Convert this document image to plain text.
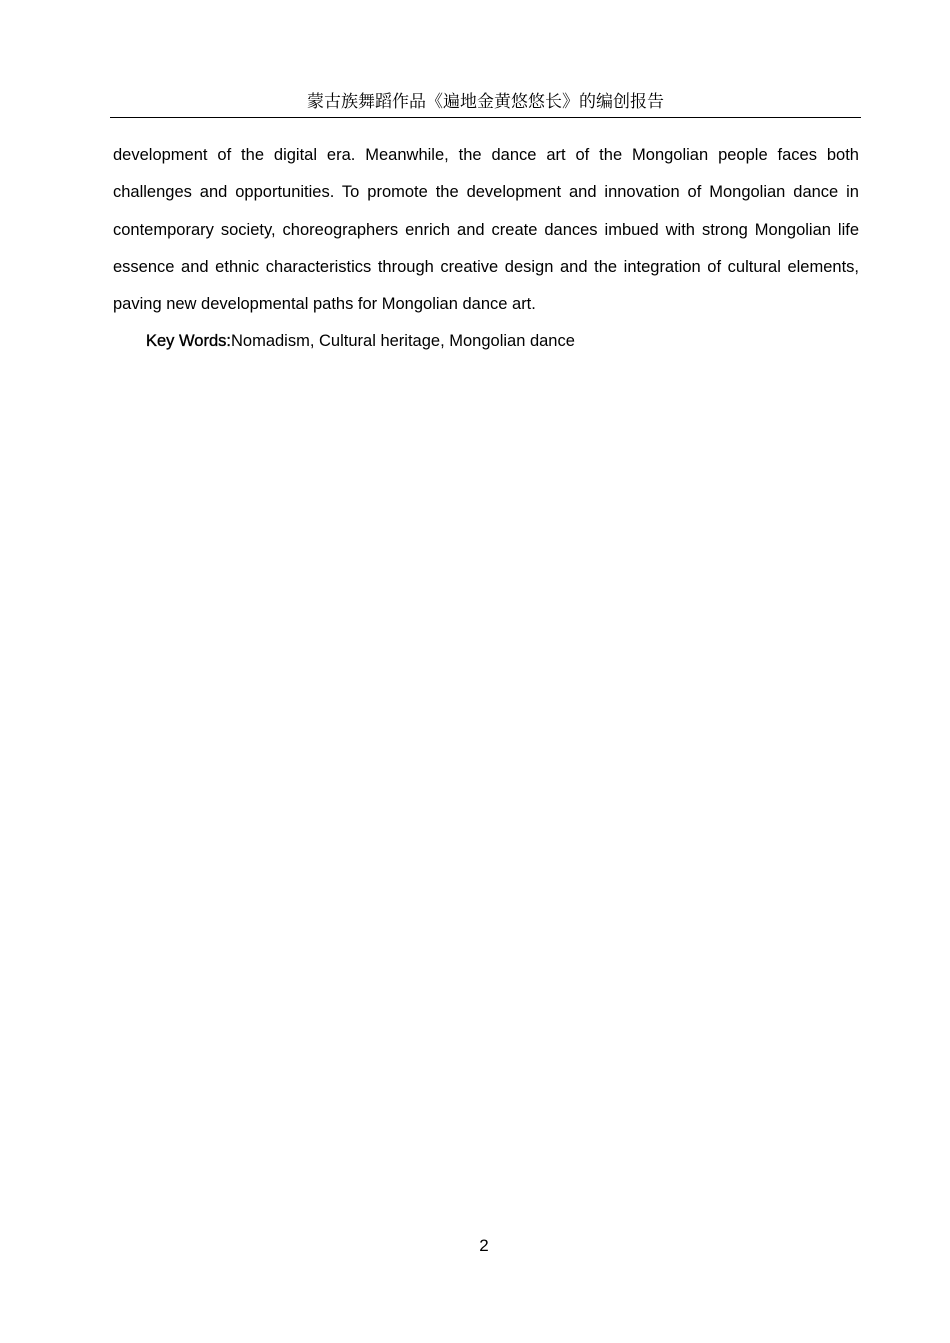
蒙古族舞蹈作品《遍地金黄悠悠长》的编创报告

development of the digital era. Meanwhile, the dance art of the Mongolian people faces both challenges and opportunities. To promote the development and innovation of Mongolian dance in contemporary society, choreographers enrich and create dances imbued with strong Mongolian life essence and ethnic characteristics through creative design and the integration of cultural elements, paving new developmental paths for Mongolian dance art.

Key Words:Nomadism, Cultural heritage, Mongolian dance

2
